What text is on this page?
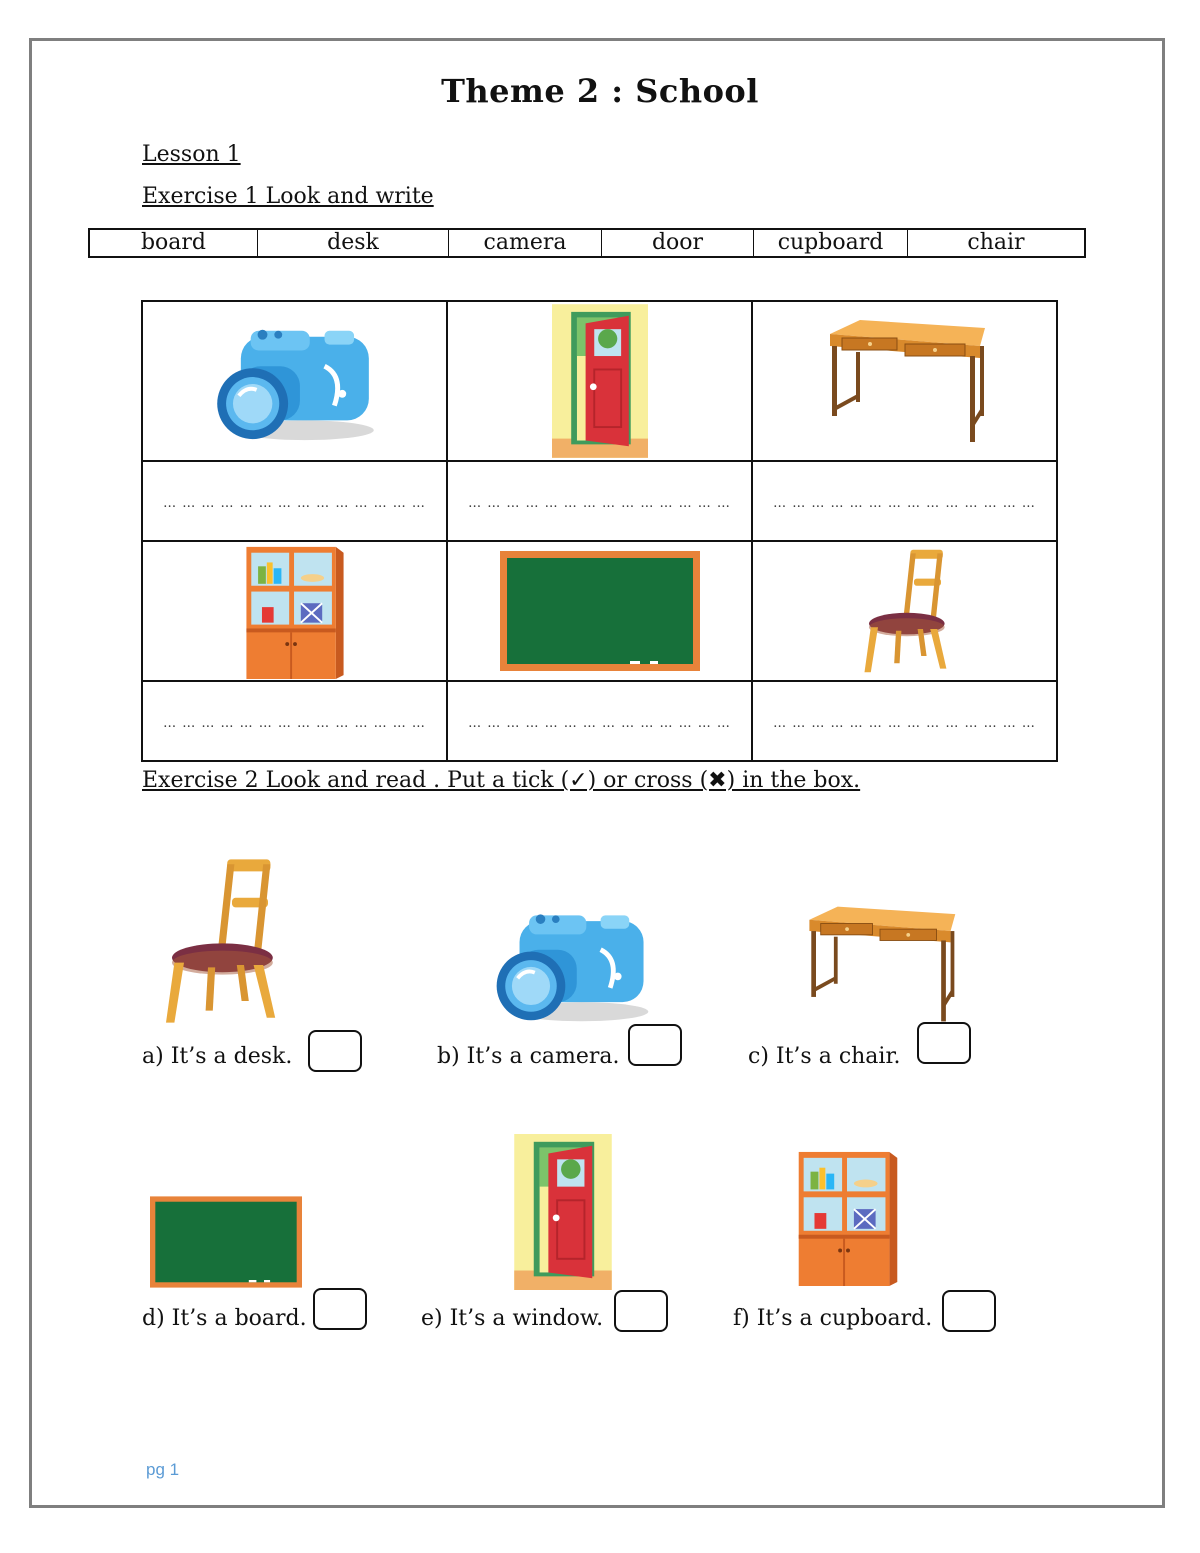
Theme 2 : School
Lesson 1
Exercise 1 Look and write
board	desk	camera	door	cupboard	chair

… … … … … … … … … … … … … …	… … … … … … … … … … … … … …	… … … … … … … … … … … … … …

… … … … … … … … … … … … … …	… … … … … … … … … … … … … …	… … … … … … … … … … … … … …
Exercise 2 Look and read . Put a tick (✓) or cross (✖) in the box.
a) It’s a desk.	b) It’s a camera.	c) It’s a chair.
d) It’s a board.	e) It’s a window.	f) It’s a cupboard.
pg 1
